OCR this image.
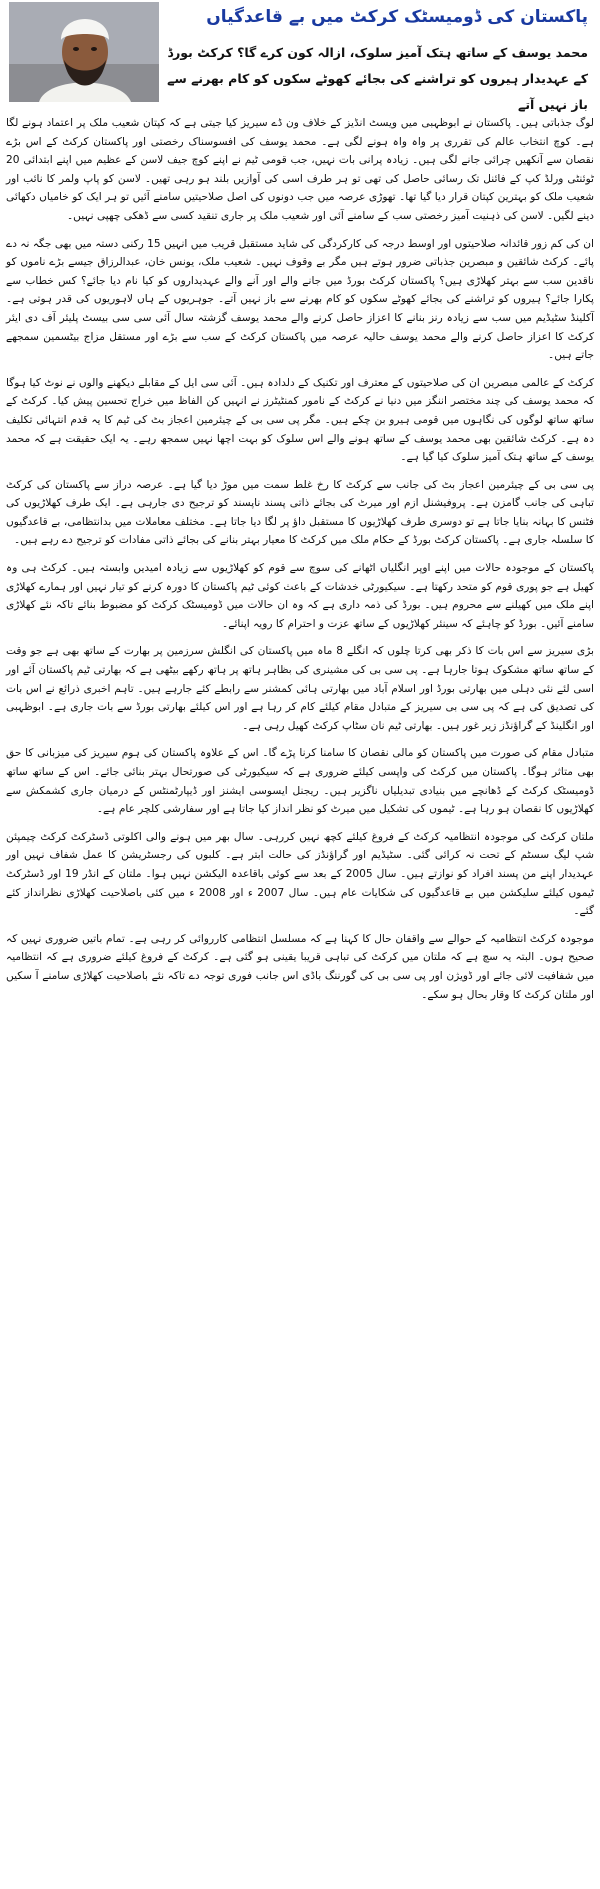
پاکستان کی ڈومیسٹک کرکٹ میں بے قاعدگیاں
محمد یوسف کے ساتھ ہتک آمیز سلوک، ازالہ کون کرے گا؟ کرکٹ بورڈ کے عہدیدار ہیروں کو تراشنے کی بجائے کھوٹے سکوں کو کام بھرنے سے باز نہیں آتے

لوگ جذباتی ہیں۔ پاکستان نے ابوظہبی میں ویسٹ انڈیز کے خلاف ون ڈے سیریز کیا جیتی ہے کہ کپتان شعیب ملک پر اعتماد ہونے لگا ہے۔ کوچ انتخاب عالم کی تقرری پر واہ واہ ہونے لگی ہے۔ محمد یوسف کی افسوسناک رخصتی اور پاکستان کرکٹ کے اس بڑے نقصان سے آنکھیں چرائی جانے لگی ہیں۔ زیادہ پرانی بات نہیں، جب قومی ٹیم نے اپنے کوچ جیف لاسن کے عظیم میں اپنے ابتدائی 20 ٹوئنٹی ورلڈ کپ کے فائنل تک رسائی حاصل کی تھی تو ہر طرف اسی کی آوازیں بلند ہو رہی تھیں۔ لاسن کو پاپ ولمر کا نائب اور شعیب ملک کو بہترین کپتان قرار دیا گیا تھا۔ تھوڑی عرصہ میں جب دونوں کی اصل صلاحیتیں سامنے آئیں تو ہر ایک کو خامیاں دکھائی دینے لگیں۔ لاسن کی ذہنیت آمیز رخصتی سب کے سامنے آئی اور شعیب ملک پر جاری تنقید کسی سے ڈھکی چھپی نہیں۔

ان کی کم زور قائدانہ صلاحیتوں اور اوسط درجہ کی کارکردگی کی شاید مستقبل قریب میں انہیں 15 رکنی دستہ میں بھی جگہ نہ دے پائے۔ کرکٹ شائقین و مبصرین جذباتی ضرور ہوتے ہیں مگر بے وقوف نہیں۔ شعیب ملک، یونس خان، عبدالرزاق جیسے بڑے ناموں کو ناقدین سب سے بہتر کھلاڑی ہیں؟ پاکستان کرکٹ بورڈ میں جانے والے اور آنے والے عہدیداروں کو کیا نام دیا جائے؟ کس خطاب سے پکارا جائے؟ ہیروں کو تراشنے کی بجائے کھوٹے سکوں کو کام بھرنے سے باز نہیں آتے۔ جوہریوں کے ہاں لاہوریوں کی قدر ہوتی ہے۔ آکلینڈ سٹیڈیم میں سب سے زیادہ رنز بنانے کا اعزاز حاصل کرنے والے محمد یوسف گزشتہ سال آئی سی سی بیسٹ پلیئر آف دی ایئر کرکٹ کا اعزاز حاصل کرنے والے محمد یوسف حالیہ عرصہ میں پاکستان کرکٹ کے سب سے بڑے اور مستقل مزاج بیٹسمین سمجھے جاتے ہیں۔

کرکٹ کے عالمی مبصرین ان کی صلاحیتوں کے معترف اور تکنیک کے دلدادہ ہیں۔ آئی سی ایل کے مقابلے دیکھنے والوں نے نوٹ کیا ہوگا کہ محمد یوسف کی چند مختصر اننگز میں دنیا نے کرکٹ کے نامور کمنٹیٹرز نے انہیں کن الفاظ میں خراج تحسین پیش کیا۔ کرکٹ کے ساتھ ساتھ لوگوں کی نگاہوں میں قومی ہیرو بن چکے ہیں۔ مگر پی سی بی کے چیئرمین اعجاز بٹ کی ٹیم کا یہ قدم انتہائی تکلیف دہ ہے۔ کرکٹ شائقین بھی محمد یوسف کے ساتھ ہونے والے اس سلوک کو بہت اچھا نہیں سمجھ رہے۔ یہ ایک حقیقت ہے کہ محمد یوسف کے ساتھ ہتک آمیز سلوک کیا گیا ہے۔

پی سی بی کے چیئرمین اعجاز بٹ کی جانب سے کرکٹ کا رخ غلط سمت میں موڑ دیا گیا ہے۔ عرصہ دراز سے پاکستان کی کرکٹ تباہی کی جانب گامزن ہے۔ پروفیشنل ازم اور میرٹ کی بجائے ذاتی پسند ناپسند کو ترجیح دی جارہی ہے۔ ایک طرف کھلاڑیوں کی فٹنس کا بہانہ بنایا جاتا ہے تو دوسری طرف کھلاڑیوں کا مستقبل داؤ پر لگا دیا جاتا ہے۔ مختلف معاملات میں بدانتظامی، بے قاعدگیوں کا سلسلہ جاری ہے۔ پاکستان کرکٹ بورڈ کے حکام ملک میں کرکٹ کا معیار بہتر بنانے کی بجائے ذاتی مفادات کو ترجیح دے رہے ہیں۔

پاکستان کے موجودہ حالات میں اپنے اوپر انگلیاں اٹھانے کی سوچ سے قوم کو کھلاڑیوں سے زیادہ امیدیں وابستہ ہیں۔ کرکٹ ہی وہ کھیل ہے جو پوری قوم کو متحد رکھتا ہے۔ سیکیورٹی خدشات کے باعث کوئی ٹیم پاکستان کا دورہ کرنے کو تیار نہیں اور ہمارے کھلاڑی اپنے ملک میں کھیلنے سے محروم ہیں۔ بورڈ کی ذمہ داری ہے کہ وہ ان حالات میں ڈومیسٹک کرکٹ کو مضبوط بنائے تاکہ نئے کھلاڑی سامنے آئیں۔ بورڈ کو چاہئے کہ سینئر کھلاڑیوں کے ساتھ عزت و احترام کا رویہ اپنائے۔

بڑی سیریز سے اس بات کا ذکر بھی کرتا چلوں کہ انگلے 8 ماہ میں پاکستان کی انگلش سرزمین پر بھارت کے ساتھ بھی ہے جو وقت کے ساتھ ساتھ مشکوک ہوتا جارہا ہے۔ پی سی بی کی مشینری کی بظاہر ہاتھ پر ہاتھ رکھے بیٹھی ہے کہ بھارتی ٹیم پاکستان آئے اور اسی لئے نئی دہلی میں بھارتی بورڈ اور اسلام آباد میں بھارتی ہائی کمشنر سے رابطے کئے جارہے ہیں۔ تاہم اخبری ذرائع نے اس بات کی تصدیق کی ہے کہ پی سی بی سیریز کے متبادل مقام کیلئے کام کر رہا ہے اور اس کیلئے بھارتی بورڈ سے بات جاری ہے۔ ابوظہبی اور انگلینڈ کے گراؤنڈز زیر غور ہیں۔ بھارتی ٹیم نان سٹاپ کرکٹ کھیل رہی ہے۔

متبادل مقام کی صورت میں پاکستان کو مالی نقصان کا سامنا کرنا پڑے گا۔ اس کے علاوہ پاکستان کی ہوم سیریز کی میزبانی کا حق بھی متاثر ہوگا۔ پاکستان میں کرکٹ کی واپسی کیلئے ضروری ہے کہ سیکیورٹی کی صورتحال بہتر بنائی جائے۔ اس کے ساتھ ساتھ ڈومیسٹک کرکٹ کے ڈھانچے میں بنیادی تبدیلیاں ناگزیر ہیں۔ ریجنل ایسوسی ایشنز اور ڈیپارٹمنٹس کے درمیان جاری کشمکش سے کھلاڑیوں کا نقصان ہو رہا ہے۔ ٹیموں کی تشکیل میں میرٹ کو نظر انداز کیا جاتا ہے اور سفارشی کلچر عام ہے۔

ملتان کرکٹ کی موجودہ انتظامیہ کرکٹ کے فروغ کیلئے کچھ نہیں کررہی۔ سال بھر میں ہونے والی اکلوتی ڈسٹرکٹ کرکٹ چیمپئن شپ لیگ سسٹم کے تحت نہ کرائی گئی۔ سٹیڈیم اور گراؤنڈز کی حالت ابتر ہے۔ کلبوں کی رجسٹریشن کا عمل شفاف نہیں اور عہدیدار اپنے من پسند افراد کو نوازتے ہیں۔ سال 2005 کے بعد سے کوئی باقاعدہ الیکشن نہیں ہوا۔ ملتان کے انڈر 19 اور ڈسٹرکٹ ٹیموں کیلئے سلیکشن میں بے قاعدگیوں کی شکایات عام ہیں۔ سال 2007 ء اور 2008 ء میں کئی باصلاحیت کھلاڑی نظرانداز کئے گئے۔

موجودہ کرکٹ انتظامیہ کے حوالے سے واقفان حال کا کہنا ہے کہ مسلسل انتظامی کارروائی کر رہی ہے۔ تمام باتیں ضروری نہیں کہ صحیح ہوں۔ البتہ یہ سچ ہے کہ ملتان میں کرکٹ کی تباہی قریبا یقینی ہو گئی ہے۔ کرکٹ کے فروغ کیلئے ضروری ہے کہ انتظامیہ میں شفافیت لائی جائے اور ڈویژن اور پی سی بی کی گورننگ باڈی اس جانب فوری توجہ دے تاکہ نئے باصلاحیت کھلاڑی سامنے آ سکیں اور ملتان کرکٹ کا وقار بحال ہو سکے۔
